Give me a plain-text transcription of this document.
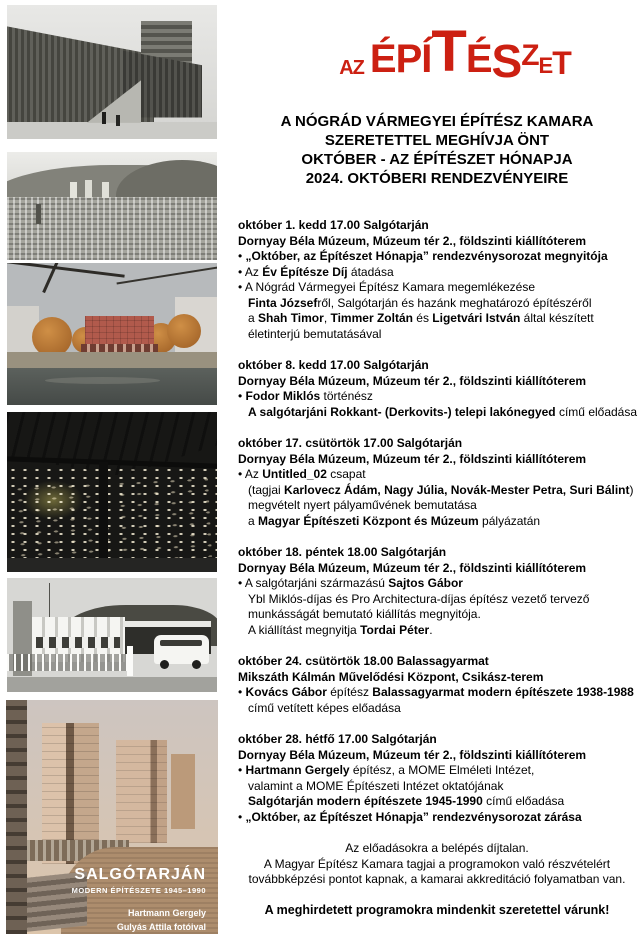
SALGÓTARJÁN
MODERN ÉPÍTÉSZETE 1945–1990
Hartmann Gergely
Gulyás Attila fotóival
A Z É P Í T É S Z E T
HÓNAPJA 2024
A NÓGRÁD VÁRMEGYEI ÉPÍTÉSZ KAMARA
SZERETETTEL MEGHÍVJA ÖNT
OKTÓBER - AZ ÉPÍTÉSZET HÓNAPJA
2024. OKTÓBERI RENDEZVÉNYEIRE
október 1. kedd 17.00 Salgótarján
Dornyay Béla Múzeum, Múzeum tér 2., földszinti kiállítóterem
• „Október, az Építészet Hónapja” rendezvénysorozat megnyitója
• Az Év Építésze Díj átadása
• A Nógrád Vármegyei Építész Kamara megemlékezése
Finta Józsefről, Salgótarján és hazánk meghatározó építészéről
a Shah Timor, Timmer Zoltán és Ligetvári István által készített
életinterjú bemutatásával
október 8. kedd 17.00 Salgótarján
Dornyay Béla Múzeum, Múzeum tér 2., földszinti kiállítóterem
• Fodor Miklós történész
A salgótarjáni Rokkant- (Derkovits-) telepi lakónegyed című előadása
október 17. csütörtök 17.00 Salgótarján
Dornyay Béla Múzeum, Múzeum tér 2., földszinti kiállítóterem
• Az Untitled_02 csapat
(tagjai Karlovecz Ádám, Nagy Júlia, Novák-Mester Petra, Suri Bálint)
megvételt nyert pályaművének bemutatása
a Magyar Építészeti Központ és Múzeum pályázatán
október 18. péntek 18.00 Salgótarján
Dornyay Béla Múzeum, Múzeum tér 2., földszinti kiállítóterem
• A salgótarjáni származású Sajtos Gábor
Ybl Miklós-díjas és Pro Architectura-díjas építész vezető tervező
munkásságát bemutató kiállítás megnyitója.
A kiállítást megnyitja Tordai Péter.
október 24. csütörtök 18.00 Balassagyarmat
Mikszáth Kálmán Művelődési Központ, Csikász-terem
• Kovács Gábor építész Balassagyarmat modern építészete 1938-1988
című vetített képes előadása
október 28. hétfő 17.00 Salgótarján
Dornyay Béla Múzeum, Múzeum tér 2., földszinti kiállítóterem
• Hartmann Gergely építész, a MOME Elméleti Intézet,
valamint a MOME Építészeti Intézet oktatójának
Salgótarján modern építészete 1945-1990 című előadása
• „Október, az Építészet Hónapja” rendezvénysorozat zárása
Az előadásokra a belépés díjtalan.
A Magyar Építész Kamara tagjai a programokon való részvételért
továbbképzési pontot kapnak, a kamarai akkreditáció folyamatban van.
A meghirdetett programokra mindenkit szeretettel várunk!
